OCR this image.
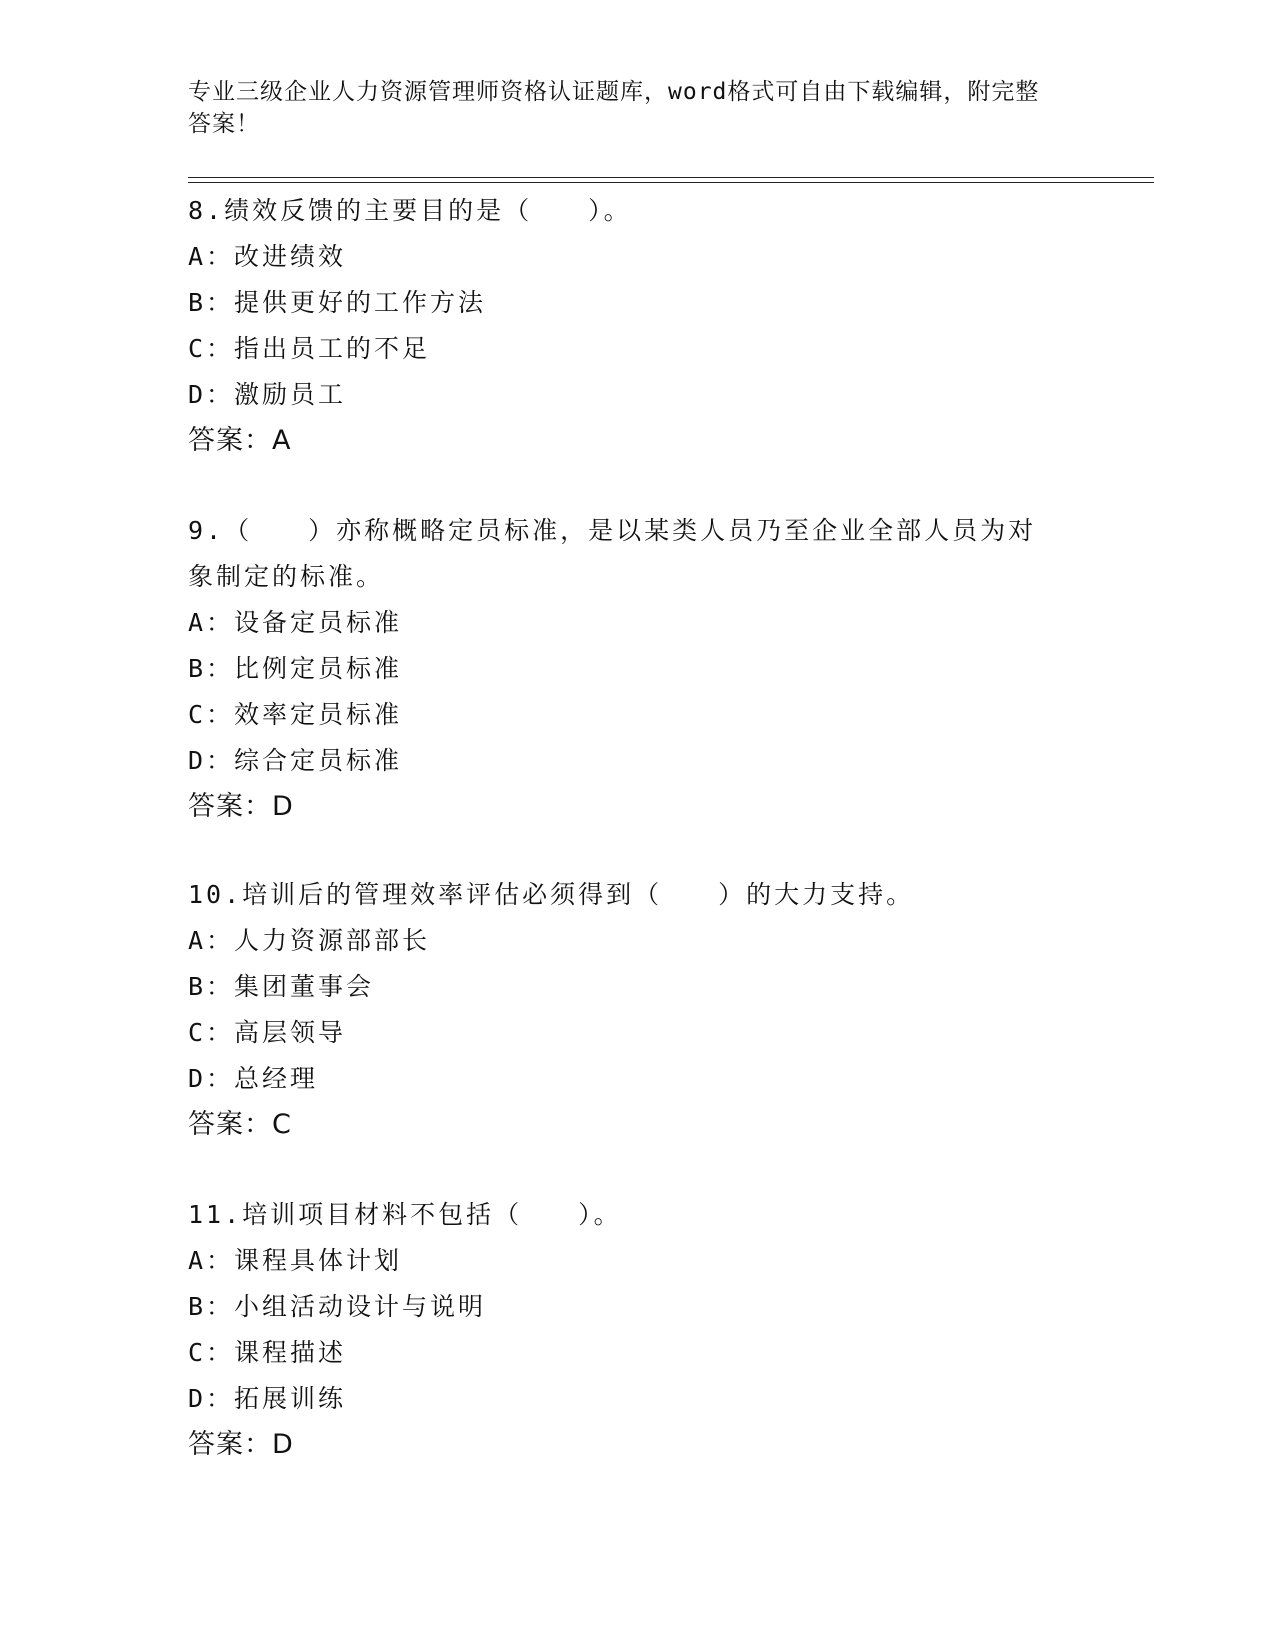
专业三级企业人力资源管理师资格认证题库，word格式可自由下载编辑，附完整
答案！
8.绩效反馈的主要目的是（　　）。
A：改进绩效
B：提供更好的工作方法
C：指出员工的不足
D：激励员工
答案：A
9.（　　）亦称概略定员标准，是以某类人员乃至企业全部人员为对
象制定的标准。
A：设备定员标准
B：比例定员标准
C：效率定员标准
D：综合定员标准
答案：D
10.培训后的管理效率评估必须得到（　　）的大力支持。
A：人力资源部部长
B：集团董事会
C：高层领导
D：总经理
答案：C
11.培训项目材料不包括（　　）。
A：课程具体计划
B：小组活动设计与说明
C：课程描述
D：拓展训练
答案：D
